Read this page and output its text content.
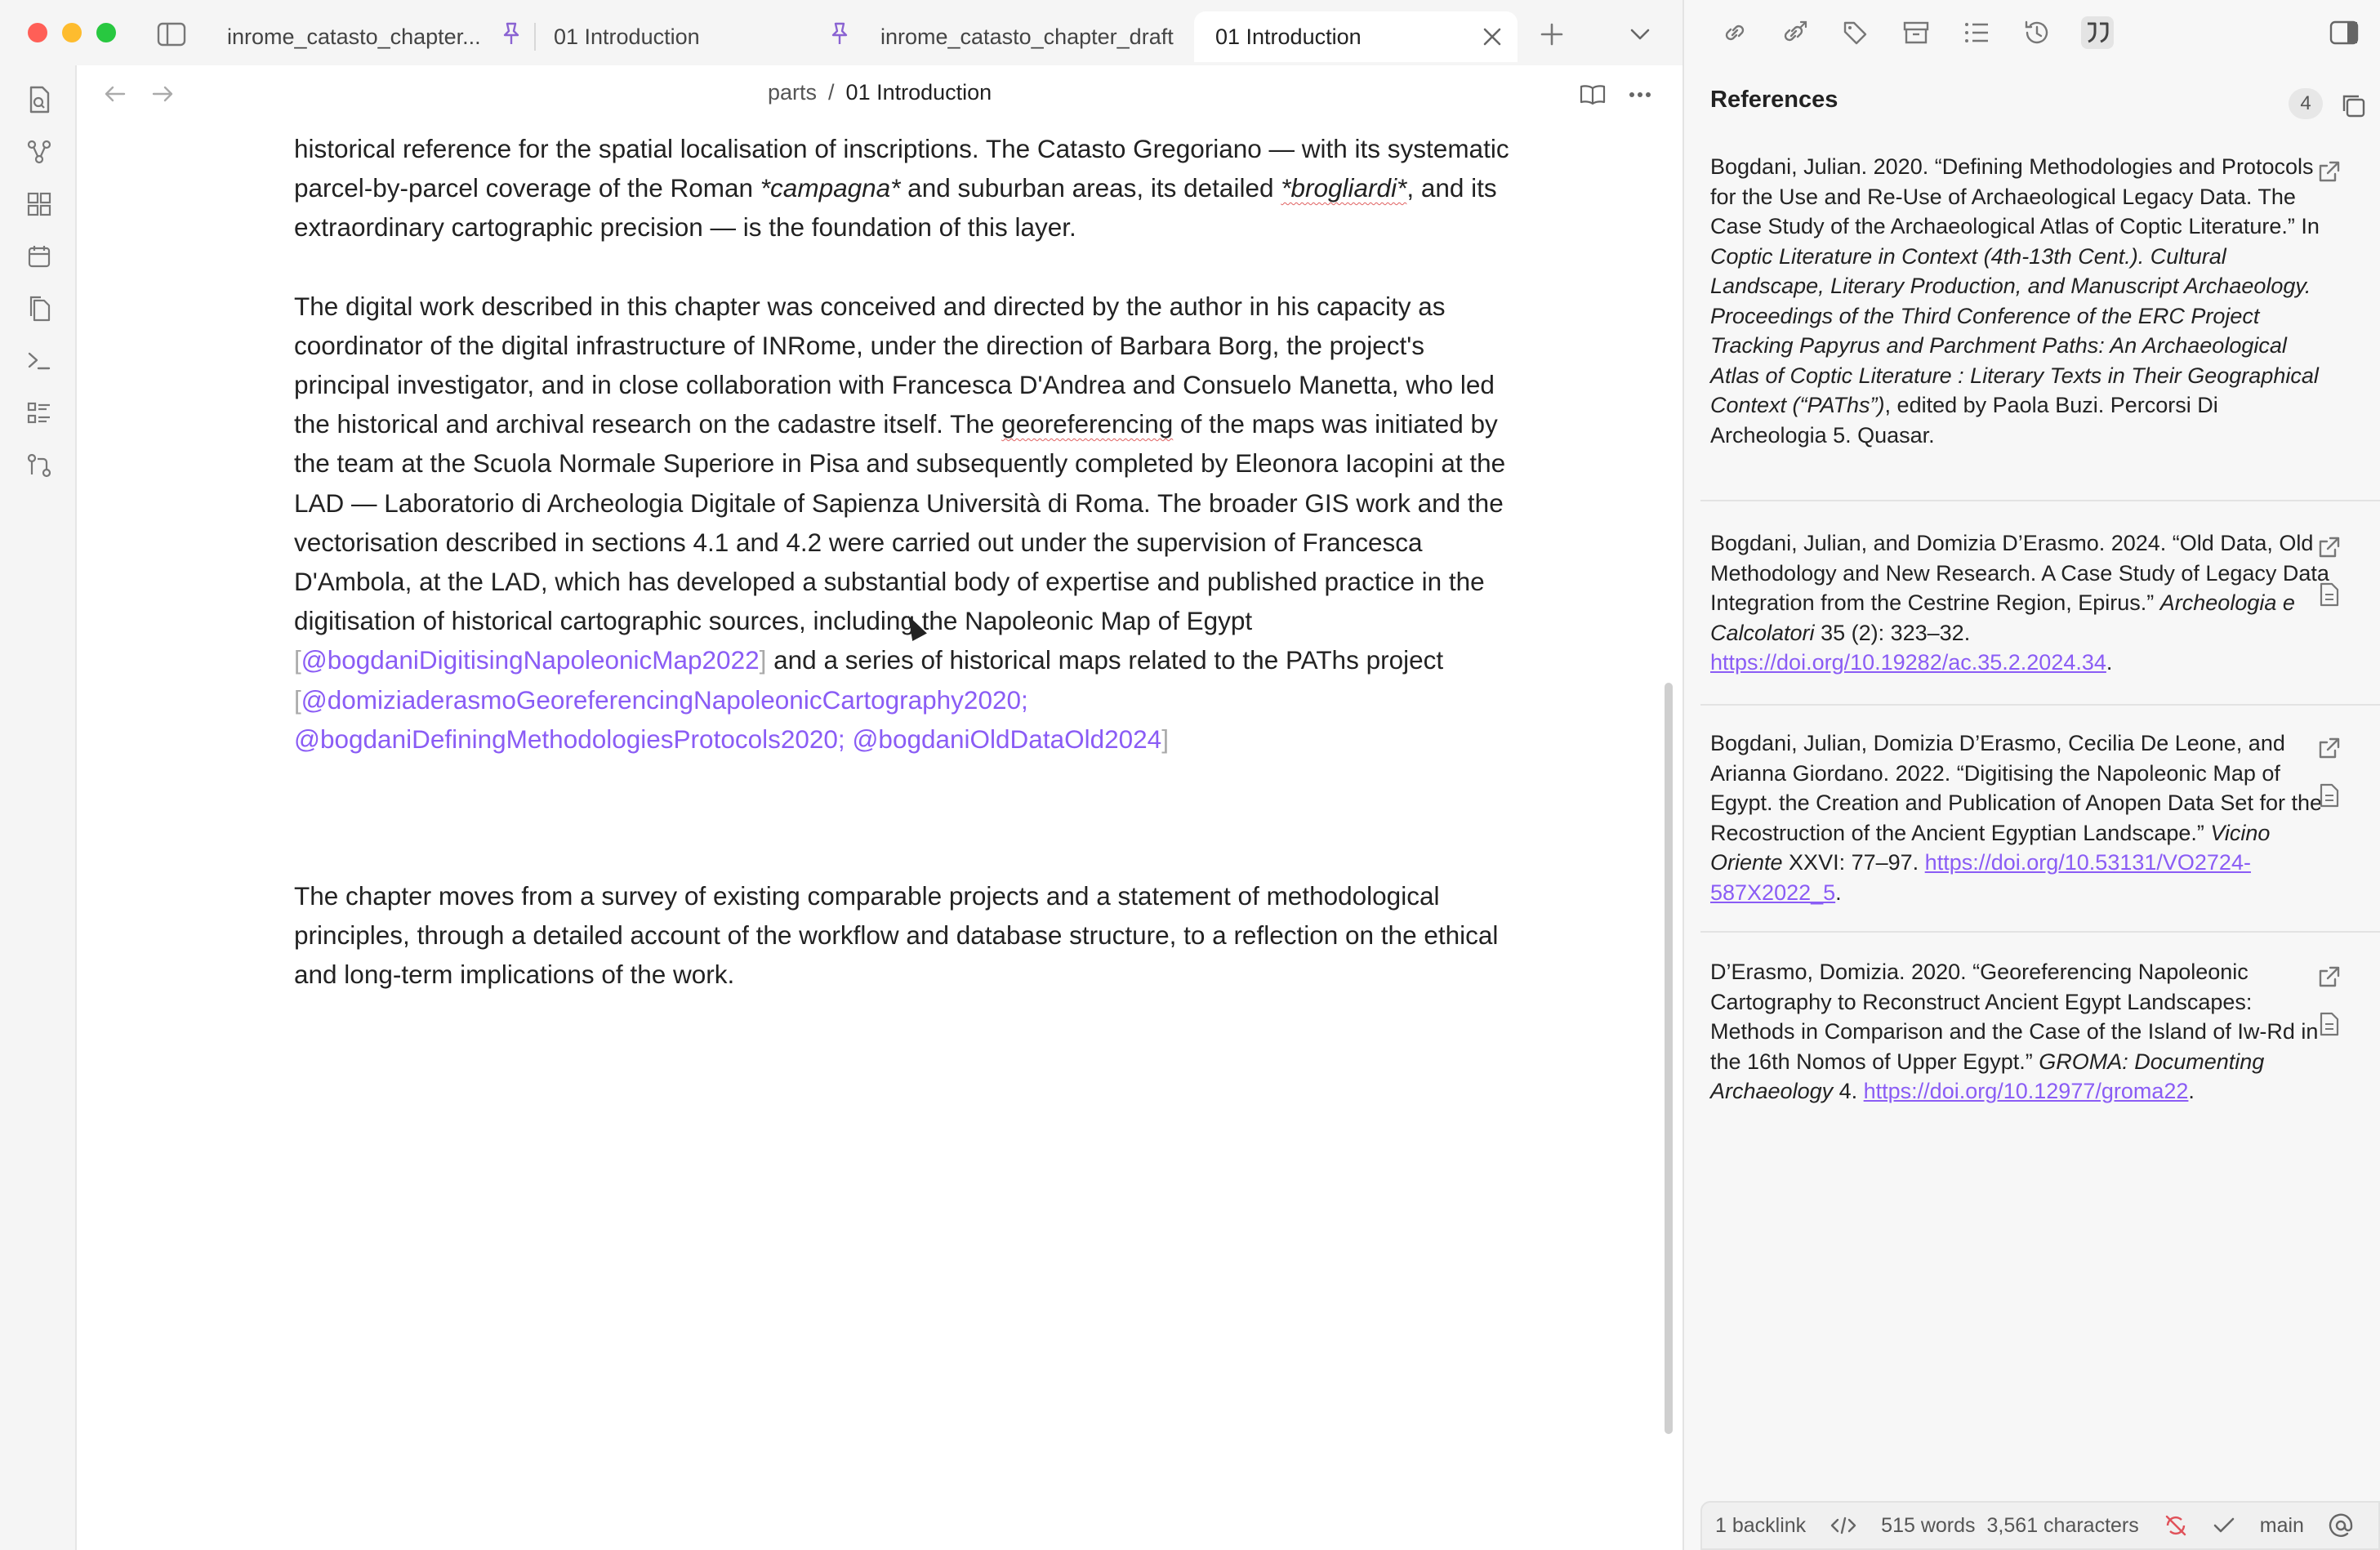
inrome_catasto_chapter...	01 Introduction	inrome_catasto_chapter_draft 01 Introduction
parts / 01 Introduction

historical reference for the spatial localisation of inscriptions. The Catasto Gregoriano — with its systematic parcel-by-parcel coverage of the Roman *campagna* and suburban areas, its detailed *brogliardi*, and its extraordinary cartographic precision — is the foundation of this layer.

The digital work described in this chapter was conceived and directed by the author in his capacity as coordinator of the digital infrastructure of INRome, under the direction of Barbara Borg, the project's principal investigator, and in close collaboration with Francesca D'Andrea and Consuelo Manetta, who led the historical and archival research on the cadastre itself. The georeferencing of the maps was initiated by the team at the Scuola Normale Superiore in Pisa and subsequently completed by Eleonora Iacopini at the LAD — Laboratorio di Archeologia Digitale of Sapienza Università di Roma. The broader GIS work and the vectorisation described in sections 4.1 and 4.2 were carried out under the supervision of Francesca D'Ambola, at the LAD, which has developed a substantial body of expertise and published practice in the digitisation of historical cartographic sources, including the Napoleonic Map of Egypt [@bogdaniDigitisingNapoleonicMap2022] and a series of historical maps related to the PAThs project [@domiziaderasmoGeoreferencingNapoleonicCartography2020; @bogdaniDefiningMethodologiesProtocols2020; @bogdaniOldDataOld2024]

The chapter moves from a survey of existing comparable projects and a statement of methodological principles, through a detailed account of the workflow and database structure, to a reflection on the ethical and long-term implications of the work.

References	4
Bogdani, Julian. 2020. “Defining Methodologies and Protocols for the Use and Re-Use of Archaeological Legacy Data. The Case Study of the Archaeological Atlas of Coptic Literature.” In Coptic Literature in Context (4th-13th Cent.). Cultural Landscape, Literary Production, and Manuscript Archaeology. Proceedings of the Third Conference of the ERC Project Tracking Papyrus and Parchment Paths: An Archaeological Atlas of Coptic Literature : Literary Texts in Their Geographical Context (“PAThs”), edited by Paola Buzi. Percorsi Di Archeologia 5. Quasar.
Bogdani, Julian, and Domizia D’Erasmo. 2024. “Old Data, Old Methodology and New Research. A Case Study of Legacy Data Integration from the Cestrine Region, Epirus.” Archeologia e Calcolatori 35 (2): 323–32. https://doi.org/10.19282/ac.35.2.2024.34.
Bogdani, Julian, Domizia D’Erasmo, Cecilia De Leone, and Arianna Giordano. 2022. “Digitising the Napoleonic Map of Egypt. the Creation and Publication of Anopen Data Set for the Recostruction of the Ancient Egyptian Landscape.” Vicino Oriente XXVI: 77–97. https://doi.org/10.53131/VO2724-587X2022_5.
D’Erasmo, Domizia. 2020. “Georeferencing Napoleonic Cartography to Reconstruct Ancient Egypt Landscapes: Methods in Comparison and the Case of the Island of Iw-Rd in the 16th Nomos of Upper Egypt.” GROMA: Documenting Archaeology 4. https://doi.org/10.12977/groma22.
1 backlink	515 words 3,561 characters	main
